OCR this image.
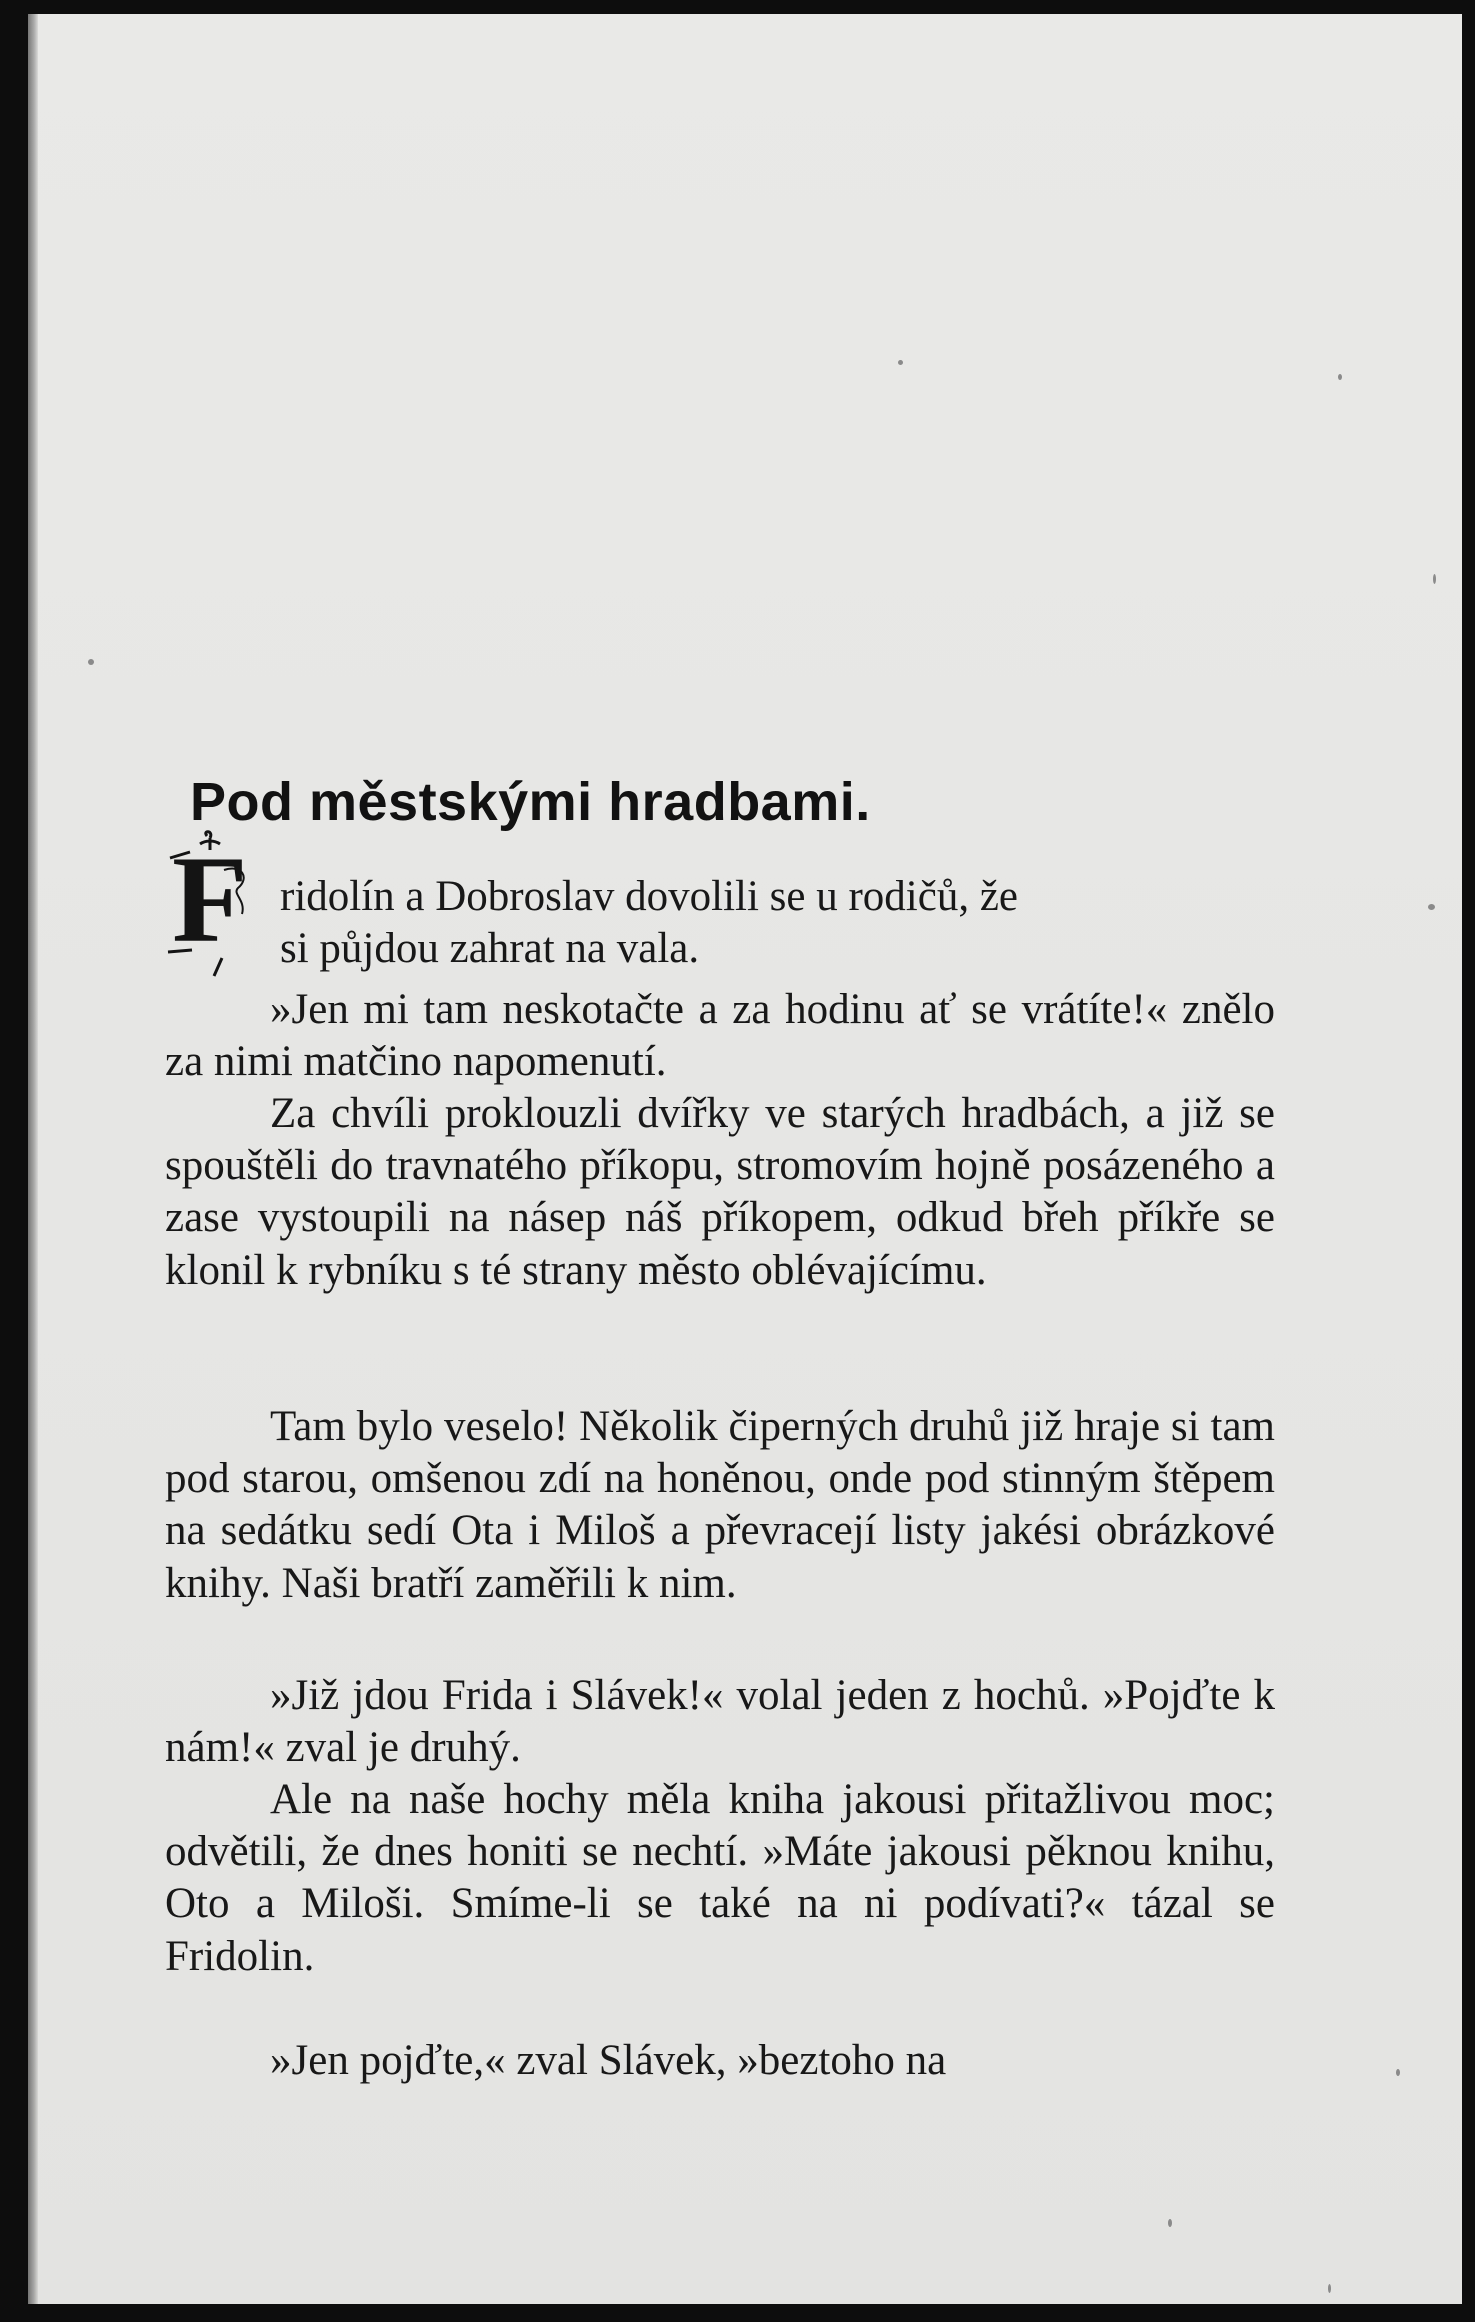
Pod městskými hradbami.
F ridolín a Dobroslav dovolili se u rodičů, že
si půjdou zahrat na vala.

»Jen mi tam neskotačte a za hodinu ať se vrátíte!« znělo za nimi matčino napomenutí.

Za chvíli proklouzli dvířky ve starých hradbách, a již se spouštěli do travnatého příkopu, stromovím hojně posázeného a zase vystoupili na násep náš příkopem, odkud břeh příkře se klonil k rybníku s té strany město oblévajícímu.

Tam bylo veselo! Několik čiperných druhů již hraje si tam pod starou, omšenou zdí na honěnou, onde pod stinným štěpem na sedátku sedí Ota i Miloš a převracejí listy jakési obrázkové knihy. Naši bratří zaměřili k nim.

»Již jdou Frida i Slávek!« volal jeden z hochů. »Pojďte k nám!« zval je druhý.

Ale na naše hochy měla kniha jakousi přitažlivou moc; odvětili, že dnes honiti se nechtí. »Máte jakousi pěknou knihu, Oto a Miloši. Smíme-li se také na ni podívati?« tázal se Fridolin.

»Jen pojďte,« zval Slávek, »beztoho na
